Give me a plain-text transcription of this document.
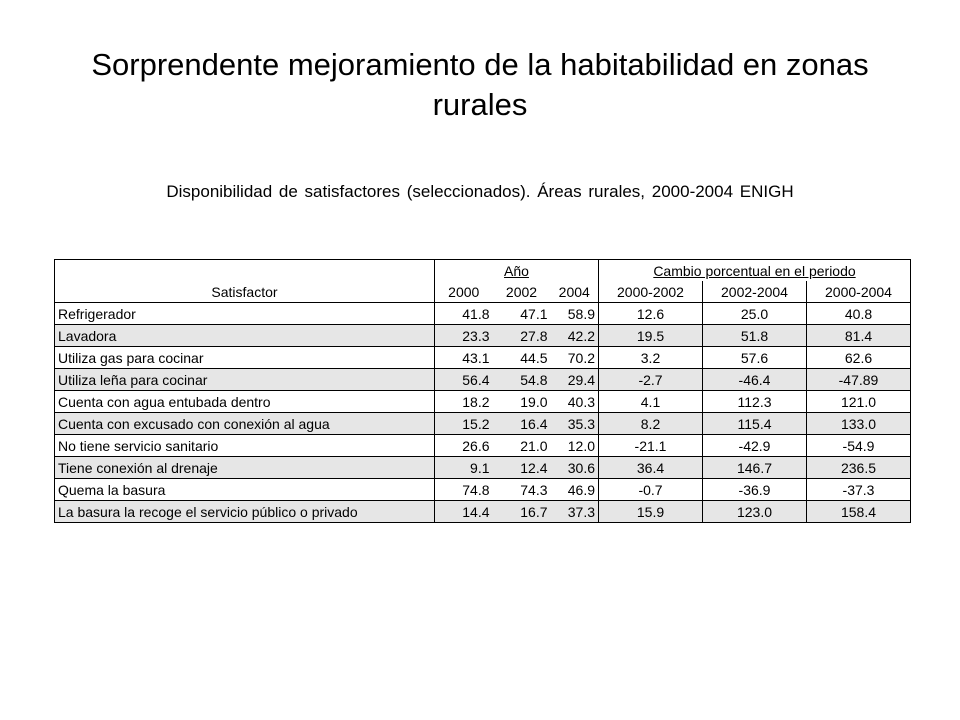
Sorprendente mejoramiento de la habitabilidad en zonas rurales

Disponibilidad de satisfactores (seleccionados). Áreas rurales, 2000-2004 ENIGH

	Año			Cambio porcentual en el periodo		
Satisfactor	2000	2002	2004	2000-2002	2002-2004	2000-2004
Refrigerador	41.8	47.1	58.9	12.6	25.0	40.8
Lavadora	23.3	27.8	42.2	19.5	51.8	81.4
Utiliza gas para cocinar	43.1	44.5	70.2	3.2	57.6	62.6
Utiliza leña para cocinar	56.4	54.8	29.4	-2.7	-46.4	-47.89
Cuenta con agua entubada dentro	18.2	19.0	40.3	4.1	112.3	121.0
Cuenta con excusado con conexión al agua	15.2	16.4	35.3	8.2	115.4	133.0
No tiene servicio sanitario	26.6	21.0	12.0	-21.1	-42.9	-54.9
Tiene conexión al drenaje	9.1	12.4	30.6	36.4	146.7	236.5
Quema la basura	74.8	74.3	46.9	-0.7	-36.9	-37.3
La basura la recoge el servicio público o privado	14.4	16.7	37.3	15.9	123.0	158.4
